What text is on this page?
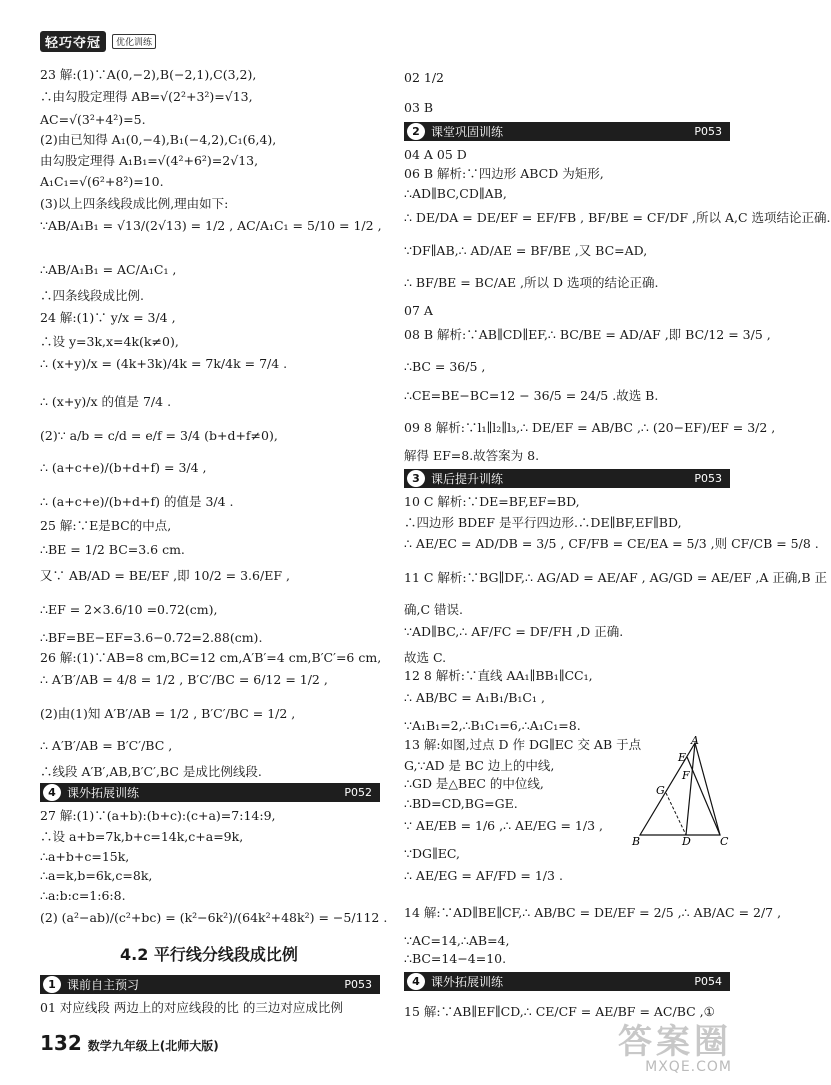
轻巧夺冠	优化训练
23 解:(1)∵A(0,−2),B(−2,1),C(3,2),
∴由勾股定理得 AB=√(2²+3²)=√13,
AC=√(3²+4²)=5.
(2)由已知得 A₁(0,−4),B₁(−4,2),C₁(6,4),
由勾股定理得 A₁B₁=√(4²+6²)=2√13,
A₁C₁=√(6²+8²)=10.
(3)以上四条线段成比例,理由如下:
∵AB/A₁B₁ = √13/(2√13) = 1/2 , AC/A₁C₁ = 5/10 = 1/2 ,
∴AB/A₁B₁ = AC/A₁C₁ ,
∴四条线段成比例.
24 解:(1)∵ y/x = 3/4 ,
∴设 y=3k,x=4k(k≠0),
∴ (x+y)/x = (4k+3k)/4k = 7k/4k = 7/4 .
∴ (x+y)/x 的值是 7/4 .
(2)∵ a/b = c/d = e/f = 3/4 (b+d+f≠0),
∴ (a+c+e)/(b+d+f) = 3/4 ,
∴ (a+c+e)/(b+d+f) 的值是 3/4 .
25 解:∵E是BC的中点,
∴BE = 1/2 BC=3.6 cm.
又∵ AB/AD = BE/EF ,即 10/2 = 3.6/EF ,
∴EF = 2×3.6/10 =0.72(cm),
∴BF=BE−EF=3.6−0.72=2.88(cm).
26 解:(1)∵AB=8 cm,BC=12 cm,A′B′=4 cm,B′C′=6 cm,
∴ A′B′/AB = 4/8 = 1/2 , B′C′/BC = 6/12 = 1/2 ,
(2)由(1)知 A′B′/AB = 1/2 , B′C′/BC = 1/2 ,
∴ A′B′/AB = B′C′/BC ,
∴线段 A′B′,AB,B′C′,BC 是成比例线段.
27 解:(1)∵(a+b):(b+c):(c+a)=7:14:9,
∴设 a+b=7k,b+c=14k,c+a=9k,
∴a+b+c=15k,
∴a=k,b=6k,c=8k,
∴a:b:c=1:6:8.
(2) (a²−ab)/(c²+bc) = (k²−6k²)/(64k²+48k²) = −5/112 .
4 课外拓展训练	P052
4.2 平行线分线段成比例
1 课前自主预习	P053
01 对应线段 两边上的对应线段的比 的三边对应成比例
02 1/2
03 B
04 A 05 D
06 B 解析:∵四边形 ABCD 为矩形,
∴AD∥BC,CD∥AB,
∴ DE/DA = DE/EF = EF/FB , BF/BE = CF/DF ,所以 A,C 选项结论正确.
∵DF∥AB,∴ AD/AE = BF/BE ,又 BC=AD,
∴ BF/BE = BC/AE ,所以 D 选项的结论正确.
07 A
08 B 解析:∵AB∥CD∥EF,∴ BC/BE = AD/AF ,即 BC/12 = 3/5 ,
∴BC = 36/5 ,
∴CE=BE−BC=12 − 36/5 = 24/5 .故选 B.
09 8 解析:∵l₁∥l₂∥l₃,∴ DE/EF = AB/BC ,∴ (20−EF)/EF = 3/2 ,
解得 EF=8.故答案为 8.
10 C 解析:∵DE=BF,EF=BD,
∴四边形 BDEF 是平行四边形.∴DE∥BF,EF∥BD,
∴ AE/EC = AD/DB = 3/5 , CF/FB = CE/EA = 5/3 ,则 CF/CB = 5/8 .
11 C 解析:∵BG∥DF,∴ AG/AD = AE/AF , AG/GD = AE/EF ,A 正确,B 正
确,C 错误.
∵AD∥BC,∴ AF/FC = DF/FH ,D 正确.
故选 C.
12 8 解析:∵直线 AA₁∥BB₁∥CC₁,
∴ AB/BC = A₁B₁/B₁C₁ ,
∵A₁B₁=2,∴B₁C₁=6,∴A₁C₁=8.
13 解:如图,过点 D 作 DG∥EC 交 AB 于点
G,∵AD 是 BC 边上的中线,
∴GD 是△BEC 的中位线,
∴BD=CD,BG=GE.
∵ AE/EB = 1/6 ,∴ AE/EG = 1/3 ,
∵DG∥EC,
∴ AE/EG = AF/FD = 1/3 .
14 解:∵AD∥BE∥CF,∴ AB/BC = DE/EF = 2/5 ,∴ AB/AC = 2/7 ,
∵AC=14,∴AB=4,
∴BC=14−4=10.
2 课堂巩固训练	P053
3 课后提升训练	P053
4 课外拓展训练	P054
15 解:∵AB∥EF∥CD,∴ CE/CF = AE/BF = AC/BC ,①
A
E
F
G
B	D	C
132 数学九年级上(北师大版)	答案圈
MXQE.COM
